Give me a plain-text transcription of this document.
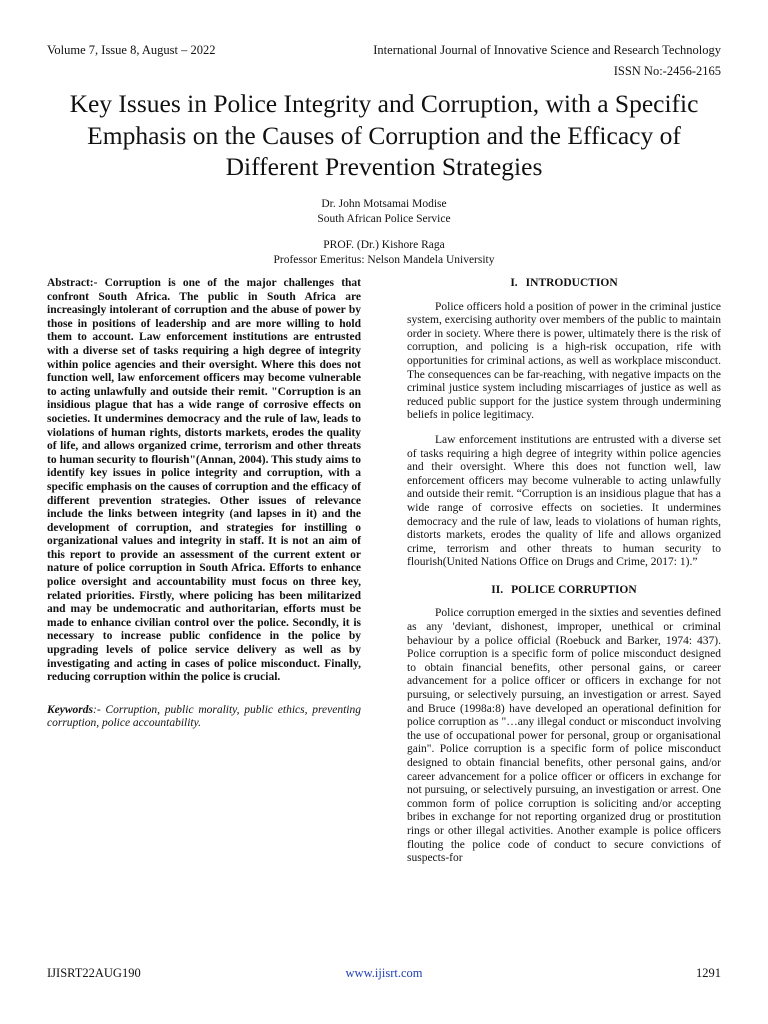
Volume 7, Issue 8, August – 2022	International Journal of Innovative Science and Research Technology
ISSN No:-2456-2165
Key Issues in Police Integrity and Corruption, with a Specific Emphasis on the Causes of Corruption and the Efficacy of Different Prevention Strategies
Dr. John Motsamai Modise
South African Police Service
PROF. (Dr.) Kishore Raga
Professor Emeritus: Nelson Mandela University

Abstract:- Corruption is one of the major challenges that confront South Africa. The public in South Africa are increasingly intolerant of corruption and the abuse of power by those in positions of leadership and are more willing to hold them to account. Law enforcement institutions are entrusted with a diverse set of tasks requiring a high degree of integrity within police agencies and their oversight. Where this does not function well, law enforcement officers may become vulnerable to acting unlawfully and outside their remit. "Corruption is an insidious plague that has a wide range of corrosive effects on societies. It undermines democracy and the rule of law, leads to violations of human rights, distorts markets, erodes the quality of life, and allows organized crime, terrorism and other threats to human security to flourish"(Annan, 2004). This study aims to identify key issues in police integrity and corruption, with a specific emphasis on the causes of corruption and the efficacy of different prevention strategies. Other issues of relevance include the links between integrity (and lapses in it) and the development of corruption, and strategies for instilling o organizational values and integrity in staff. It is not an aim of this report to provide an assessment of the current extent or nature of police corruption in South Africa. Efforts to enhance police oversight and accountability must focus on three key, related priorities. Firstly, where policing has been militarized and may be undemocratic and authoritarian, efforts must be made to enhance civilian control over the police. Secondly, it is necessary to increase public confidence in the police by upgrading levels of police service delivery as well as by investigating and acting in cases of police misconduct. Finally, reducing corruption within the police is crucial.

Keywords:- Corruption, public morality, public ethics, preventing corruption, police accountability.

I. INTRODUCTION

Police officers hold a position of power in the criminal justice system, exercising authority over members of the public to maintain order in society. Where there is power, ultimately there is the risk of corruption, and policing is a high-risk occupation, rife with opportunities for criminal actions, as well as workplace misconduct. The consequences can be far-reaching, with negative impacts on the criminal justice system including miscarriages of justice as well as reduced public support for the justice system through undermining beliefs in police legitimacy.

Law enforcement institutions are entrusted with a diverse set of tasks requiring a high degree of integrity within police agencies and their oversight. Where this does not function well, law enforcement officers may become vulnerable to acting unlawfully and outside their remit. “Corruption is an insidious plague that has a wide range of corrosive effects on societies. It undermines democracy and the rule of law, leads to violations of human rights, distorts markets, erodes the quality of life and allows organized crime, terrorism and other threats to human security to flourish(United Nations Office on Drugs and Crime, 2017: 1).”

II. POLICE CORRUPTION

Police corruption emerged in the sixties and seventies defined as any 'deviant, dishonest, improper, unethical or criminal behaviour by a police official (Roebuck and Barker, 1974: 437). Police corruption is a specific form of police misconduct designed to obtain financial benefits, other personal gains, or career advancement for a police officer or officers in exchange for not pursuing, or selectively pursuing, an investigation or arrest. Sayed and Bruce (1998a:8) have developed an operational definition for police corruption as "…any illegal conduct or misconduct involving the use of occupational power for personal, group or organisational gain". Police corruption is a specific form of police misconduct designed to obtain financial benefits, other personal gains, and/or career advancement for a police officer or officers in exchange for not pursuing, or selectively pursuing, an investigation or arrest. One common form of police corruption is soliciting and/or accepting bribes in exchange for not reporting organized drug or prostitution rings or other illegal activities. Another example is police officers flouting the police code of conduct to secure convictions of suspects-for

IJISRT22AUG190	www.ijisrt.com	1291
